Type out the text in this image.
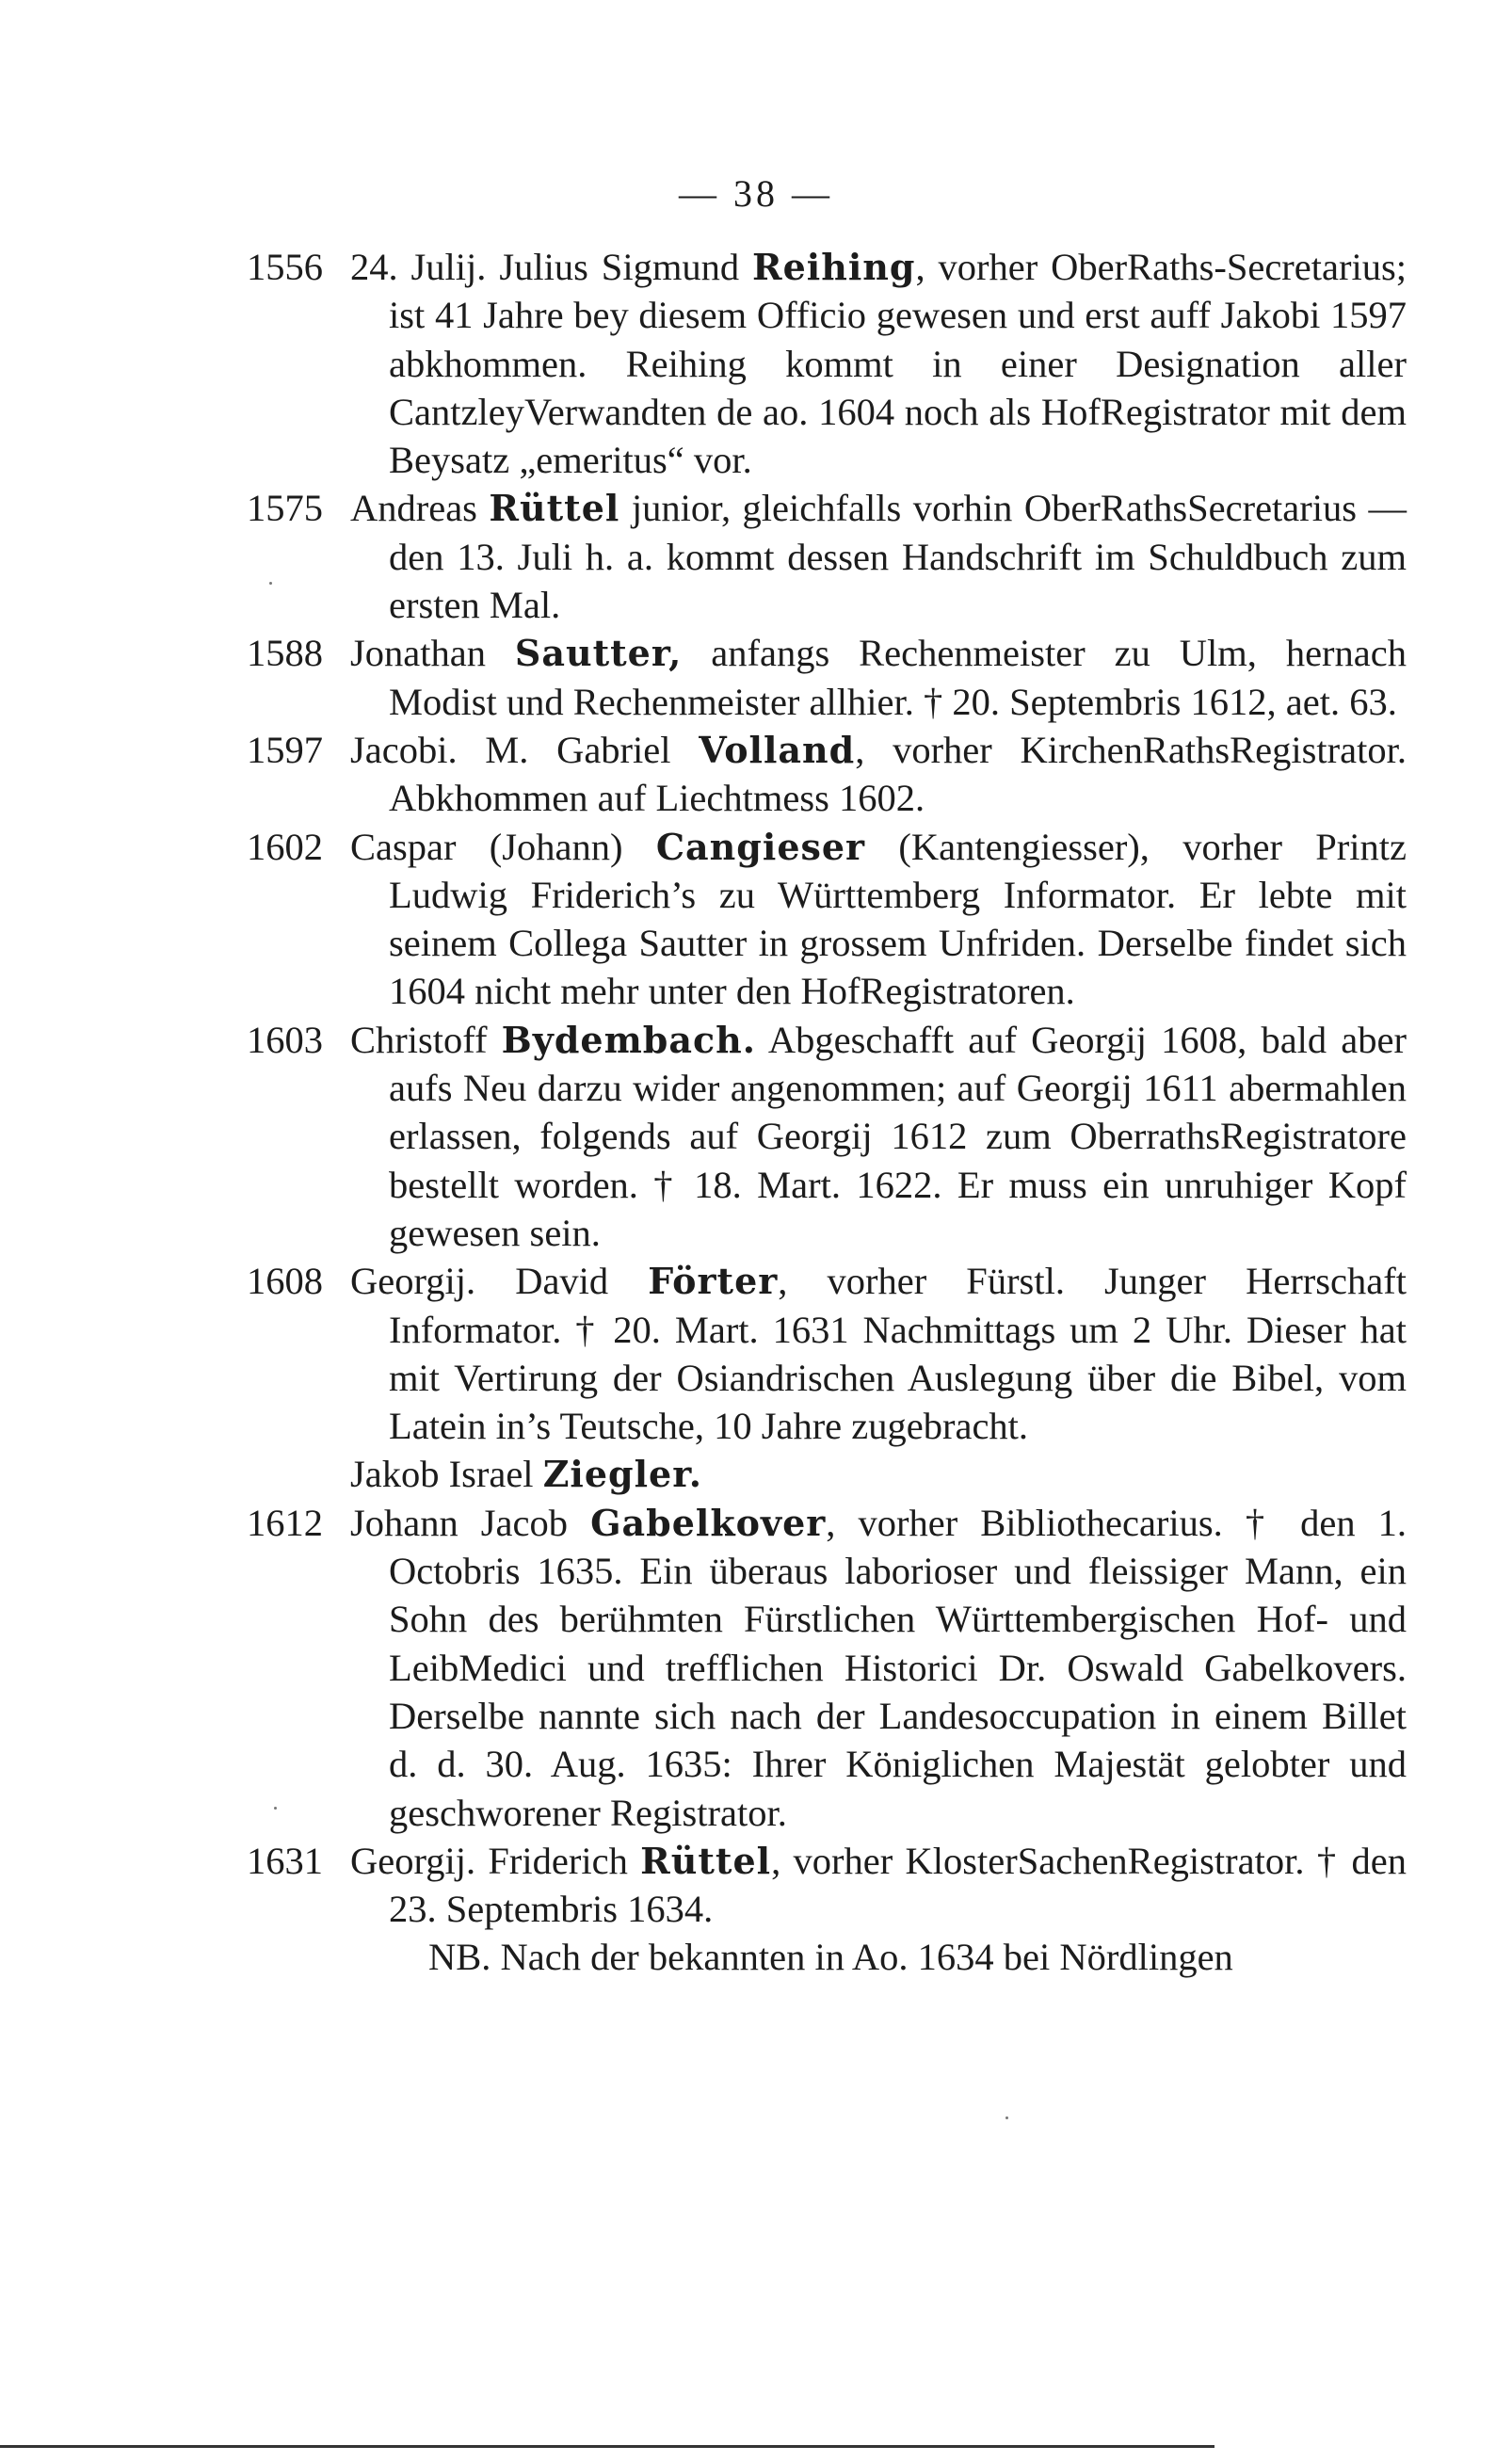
— 38 —
1556 24. Julij. Julius Sigmund Reihing, vorher OberRaths-Secretarius; ist 41 Jahre bey diesem Officio gewesen und erst auff Jakobi 1597 abkhommen. Reihing kommt in einer Designation aller CantzleyVerwandten de ao. 1604 noch als HofRegistrator mit dem Beysatz „emeritus“ vor.
1575 Andreas Rüttel junior, gleichfalls vorhin OberRathsSecretarius — den 13. Juli h. a. kommt dessen Handschrift im Schuldbuch zum ersten Mal.
1588 Jonathan Sautter, anfangs Rechenmeister zu Ulm, hernach Modist und Rechenmeister allhier. † 20. Septembris 1612, aet. 63.
1597 Jacobi. M. Gabriel Volland, vorher KirchenRathsRegistrator. Abkhommen auf Liechtmess 1602.
1602 Caspar (Johann) Cangieser (Kantengiesser), vorher Printz Ludwig Friderich’s zu Württemberg Informator. Er lebte mit seinem Collega Sautter in grossem Unfriden. Derselbe findet sich 1604 nicht mehr unter den HofRegistratoren.
1603 Christoff Bydembach. Abgeschafft auf Georgij 1608, bald aber aufs Neu darzu wider angenommen; auf Georgij 1611 abermahlen erlassen, folgends auf Georgij 1612 zum OberrathsRegistratore bestellt worden. † 18. Mart. 1622. Er muss ein unruhiger Kopf gewesen sein.
1608 Georgij. David Förter, vorher Fürstl. Junger Herrschaft Informator. † 20. Mart. 1631 Nachmittags um 2 Uhr. Dieser hat mit Vertirung der Osiandrischen Auslegung über die Bibel, vom Latein in’s Teutsche, 10 Jahre zugebracht.
Jakob Israel Ziegler.
1612 Johann Jacob Gabelkover, vorher Bibliothecarius. † den 1. Octobris 1635. Ein überaus laborioser und fleissiger Mann, ein Sohn des berühmten Fürstlichen Württembergischen Hof- und LeibMedici und trefflichen Historici Dr. Oswald Gabelkovers. Derselbe nannte sich nach der Landesoccupation in einem Billet d. d. 30. Aug. 1635: Ihrer Königlichen Majestät gelobter und geschworener Registrator.
1631 Georgij. Friderich Rüttel, vorher KlosterSachenRegistrator. † den 23. Septembris 1634.
NB. Nach der bekannten in Ao. 1634 bei Nördlingen
